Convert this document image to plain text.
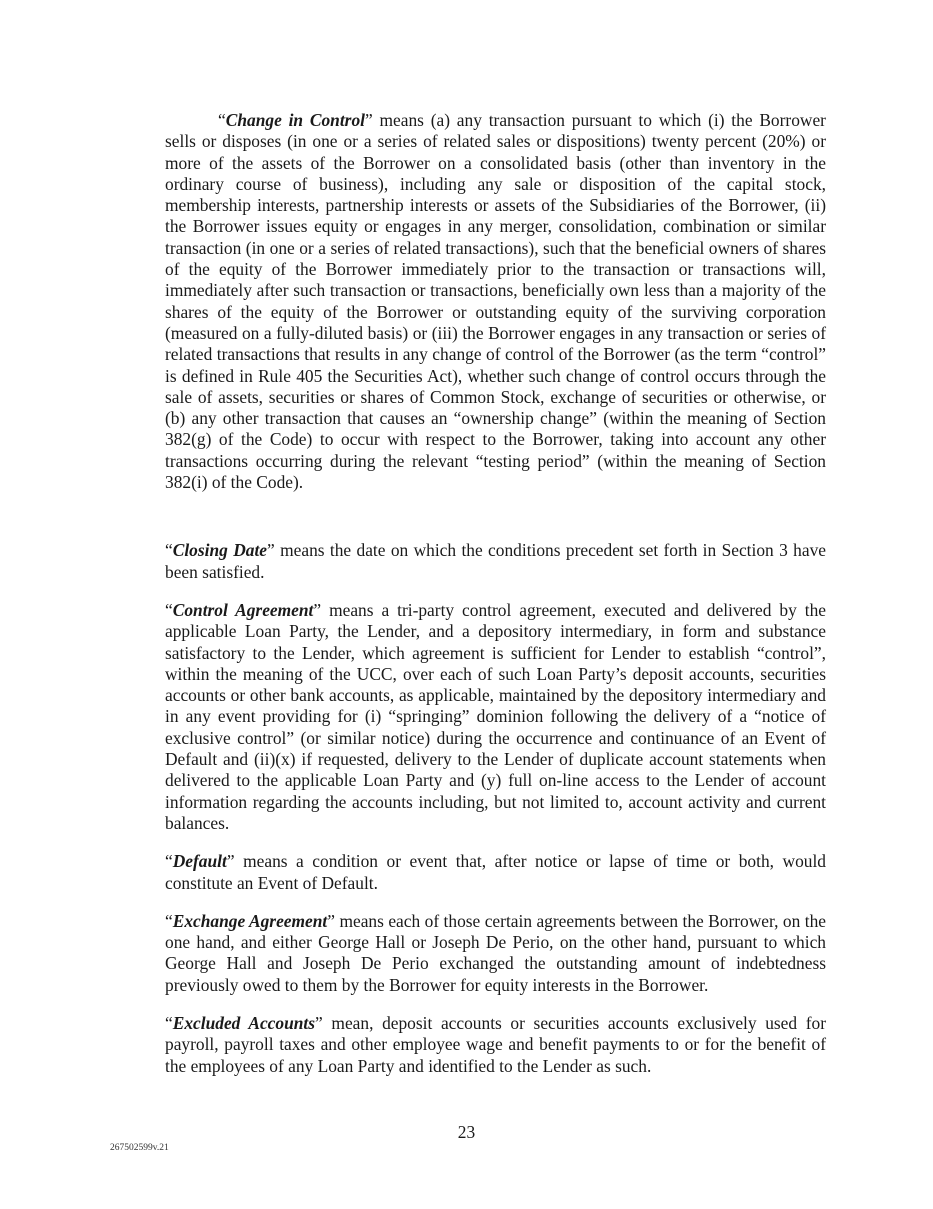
“Change in Control” means (a) any transaction pursuant to which (i) the Borrower sells or disposes (in one or a series of related sales or dispositions) twenty percent (20%) or more of the assets of the Borrower on a consolidated basis (other than inventory in the ordinary course of business), including any sale or disposition of the capital stock, membership interests, partnership interests or assets of the Subsidiaries of the Borrower, (ii) the Borrower issues equity or engages in any merger, consolidation, combination or similar transaction (in one or a series of related transactions), such that the beneficial owners of shares of the equity of the Borrower immediately prior to the transaction or transactions will, immediately after such transaction or transactions, beneficially own less than a majority of the shares of the equity of the Borrower or outstanding equity of the surviving corporation (measured on a fully-diluted basis) or (iii) the Borrower engages in any transaction or series of related transactions that results in any change of control of the Borrower (as the term “control” is defined in Rule 405 the Securities Act), whether such change of control occurs through the sale of assets, securities or shares of Common Stock, exchange of securities or otherwise, or (b) any other transaction that causes an “ownership change” (within the meaning of Section 382(g) of the Code) to occur with respect to the Borrower, taking into account any other transactions occurring during the relevant “testing period” (within the meaning of Section 382(i) of the Code).

“Closing Date” means the date on which the conditions precedent set forth in Section 3 have been satisfied.

“Control Agreement” means a tri-party control agreement, executed and delivered by the applicable Loan Party, the Lender, and a depository intermediary, in form and substance satisfactory to the Lender, which agreement is sufficient for Lender to establish “control”, within the meaning of the UCC, over each of such Loan Party’s deposit accounts, securities accounts or other bank accounts, as applicable, maintained by the depository intermediary and in any event providing for (i) “springing” dominion following the delivery of a “notice of exclusive control” (or similar notice) during the occurrence and continuance of an Event of Default and (ii)(x) if requested, delivery to the Lender of duplicate account statements when delivered to the applicable Loan Party and (y) full on-line access to the Lender of account information regarding the accounts including, but not limited to, account activity and current balances.

“Default” means a condition or event that, after notice or lapse of time or both, would constitute an Event of Default.

“Exchange Agreement” means each of those certain agreements between the Borrower, on the one hand, and either George Hall or Joseph De Perio, on the other hand, pursuant to which George Hall and Joseph De Perio exchanged the outstanding amount of indebtedness previously owed to them by the Borrower for equity interests in the Borrower.

“Excluded Accounts” mean, deposit accounts or securities accounts exclusively used for payroll, payroll taxes and other employee wage and benefit payments to or for the benefit of the employees of any Loan Party and identified to the Lender as such.

23
267502599v.21
